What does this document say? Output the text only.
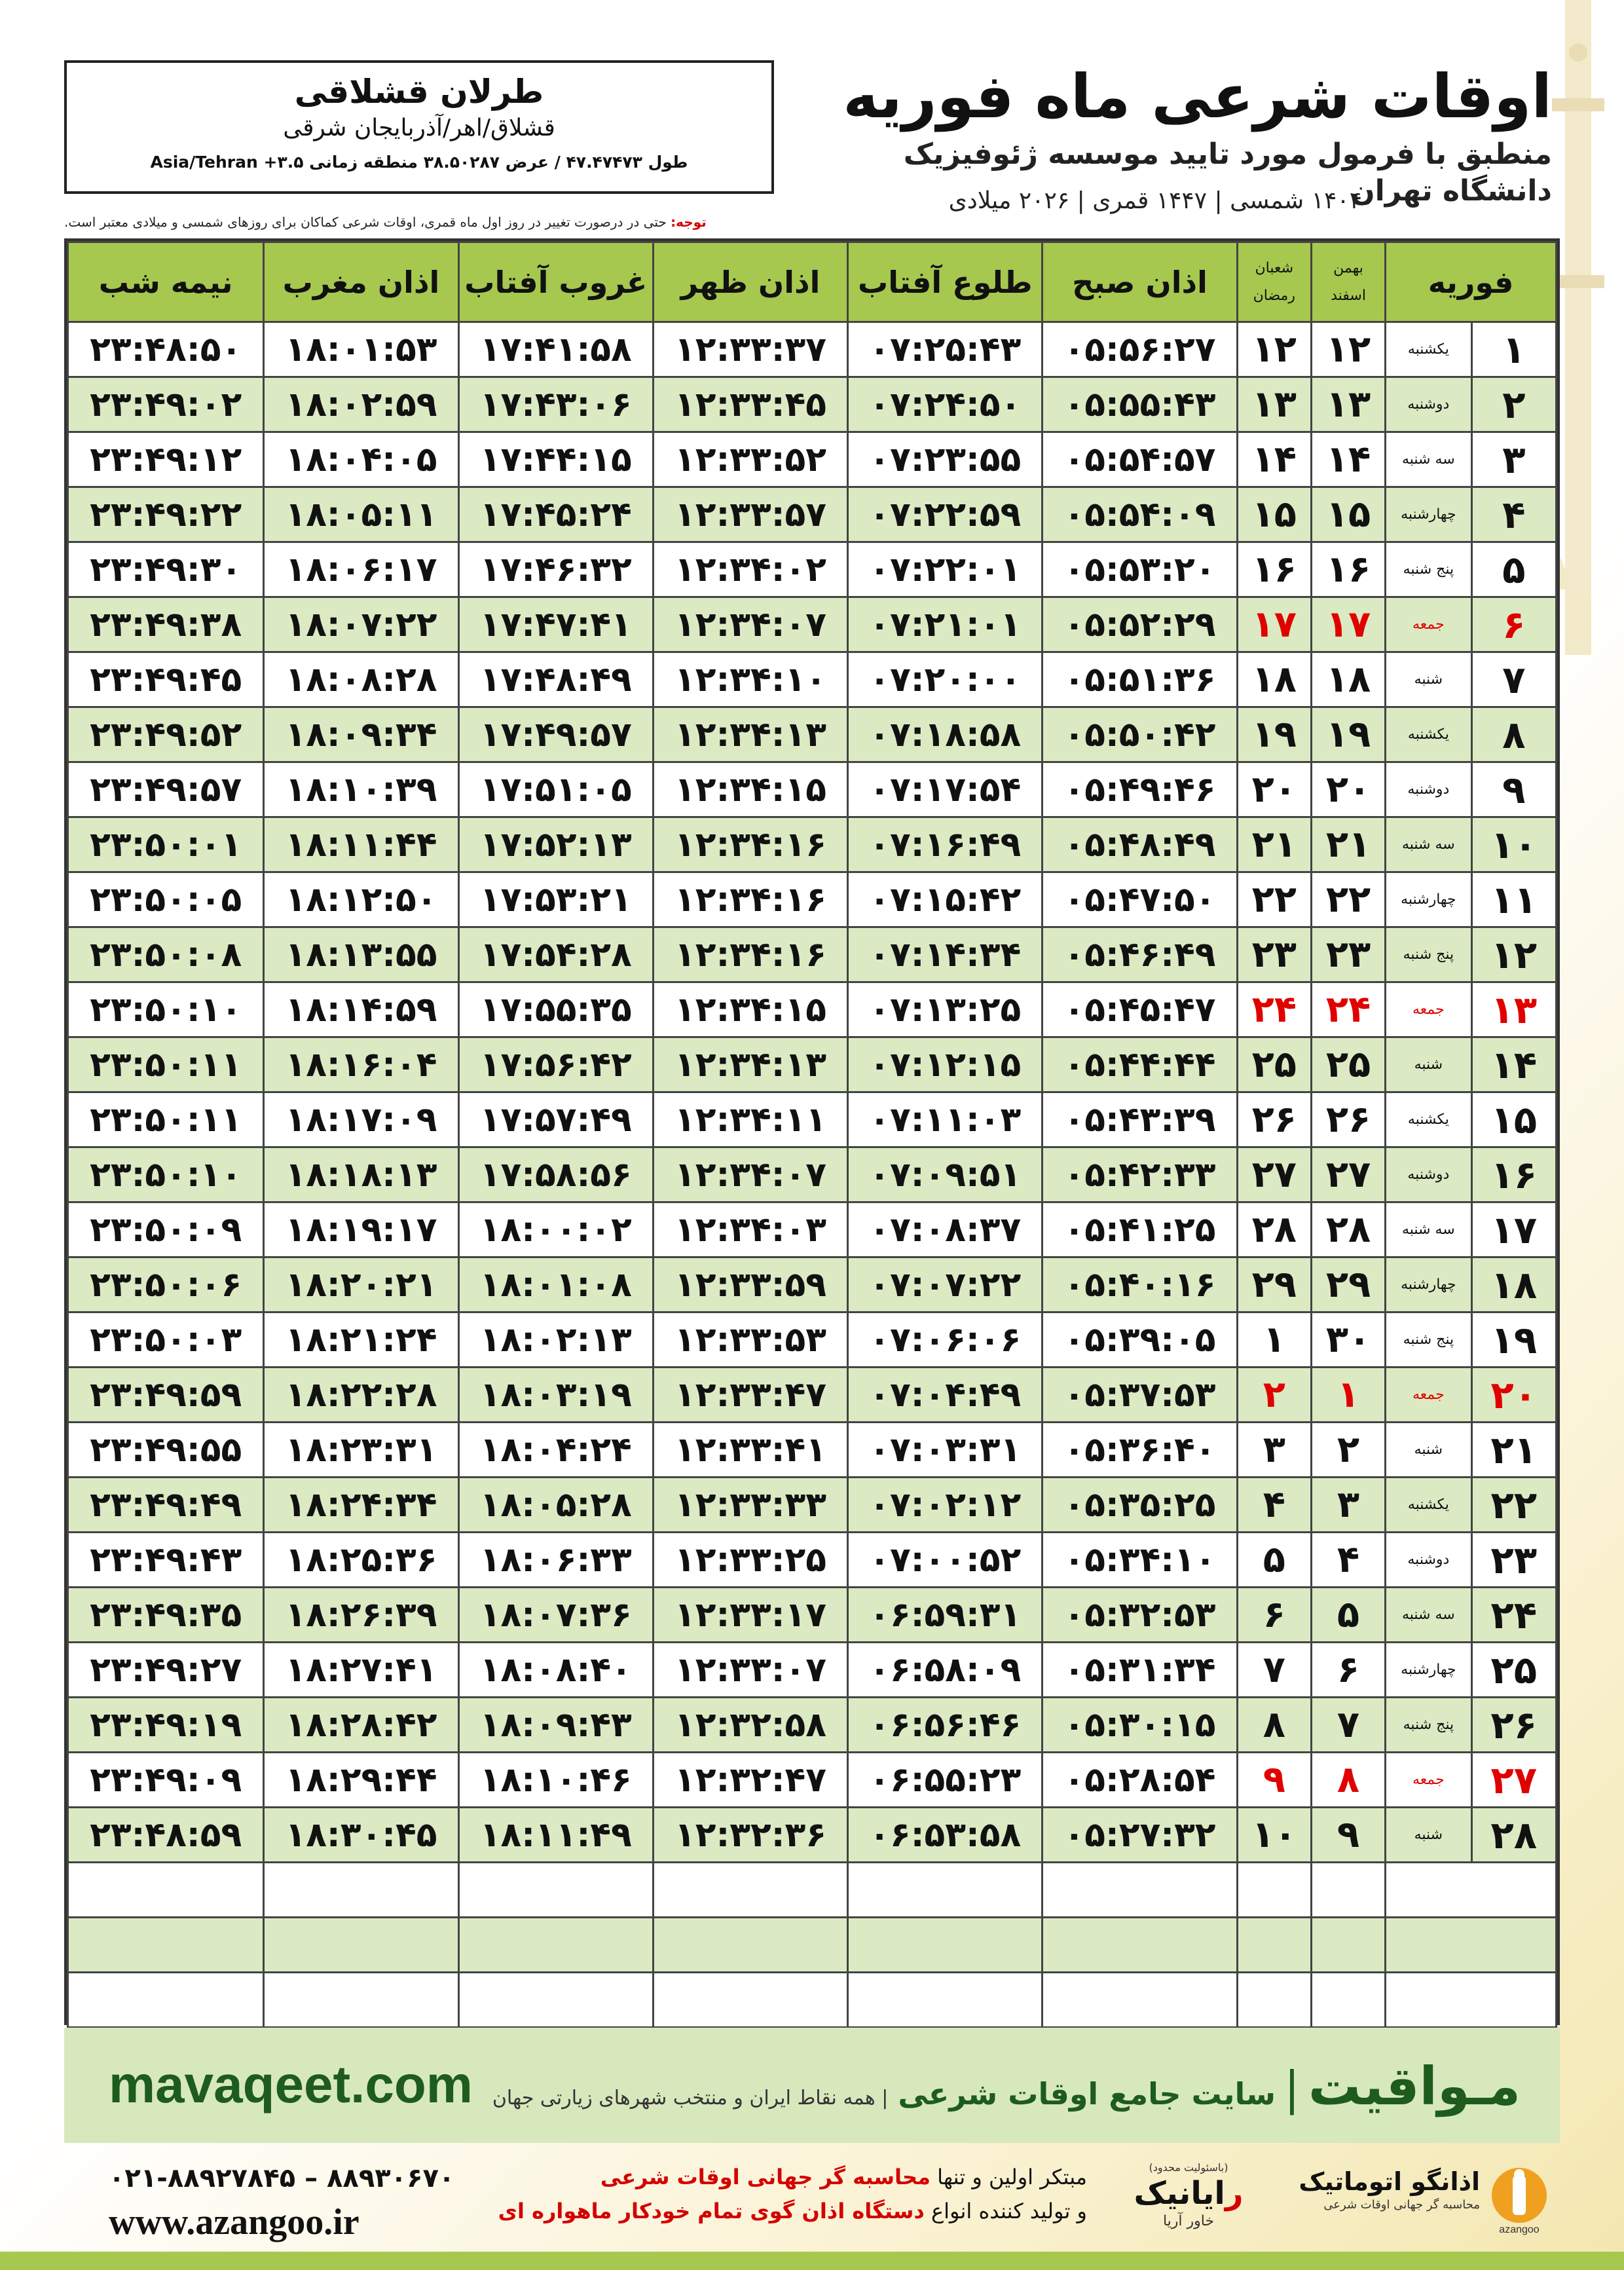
طرلان قشلاقی
قشلاق/اهر/آذربایجان شرقی
طول ۴۷.۴۷۴۷۳ / عرض ۳۸.۵۰۲۸۷ منطقه زمانی ۳.۵+ Asia/Tehran
اوقات شرعی ماه فوریه
منطبق با فرمول مورد تایید موسسه ژئوفیزیک دانشگاه تهران
۱۴۰۴ شمسی | ۱۴۴۷ قمری | ۲۰۲۶ میلادی
توجه: حتی در درصورت تغییر در روز اول ماه قمری، اوقات شرعی کماکان برای روزهای شمسی و میلادی معتبر است.
فوریه		بهمن
اسفند	شعبان
رمضان	اذان صبح	طلوع آفتاب	اذان ظهر	غروب آفتاب	اذان مغرب	نیمه شب
۱	یکشنبه	۱۲	۱۲	۰۵:۵۶:۲۷	۰۷:۲۵:۴۳	۱۲:۳۳:۳۷	۱۷:۴۱:۵۸	۱۸:۰۱:۵۳	۲۳:۴۸:۵۰
۲	دوشنبه	۱۳	۱۳	۰۵:۵۵:۴۳	۰۷:۲۴:۵۰	۱۲:۳۳:۴۵	۱۷:۴۳:۰۶	۱۸:۰۲:۵۹	۲۳:۴۹:۰۲
۳	سه شنبه	۱۴	۱۴	۰۵:۵۴:۵۷	۰۷:۲۳:۵۵	۱۲:۳۳:۵۲	۱۷:۴۴:۱۵	۱۸:۰۴:۰۵	۲۳:۴۹:۱۲
۴	چهارشنبه	۱۵	۱۵	۰۵:۵۴:۰۹	۰۷:۲۲:۵۹	۱۲:۳۳:۵۷	۱۷:۴۵:۲۴	۱۸:۰۵:۱۱	۲۳:۴۹:۲۲
۵	پنج شنبه	۱۶	۱۶	۰۵:۵۳:۲۰	۰۷:۲۲:۰۱	۱۲:۳۴:۰۲	۱۷:۴۶:۳۲	۱۸:۰۶:۱۷	۲۳:۴۹:۳۰
۶	جمعه	۱۷	۱۷	۰۵:۵۲:۲۹	۰۷:۲۱:۰۱	۱۲:۳۴:۰۷	۱۷:۴۷:۴۱	۱۸:۰۷:۲۲	۲۳:۴۹:۳۸
۷	شنبه	۱۸	۱۸	۰۵:۵۱:۳۶	۰۷:۲۰:۰۰	۱۲:۳۴:۱۰	۱۷:۴۸:۴۹	۱۸:۰۸:۲۸	۲۳:۴۹:۴۵
۸	یکشنبه	۱۹	۱۹	۰۵:۵۰:۴۲	۰۷:۱۸:۵۸	۱۲:۳۴:۱۳	۱۷:۴۹:۵۷	۱۸:۰۹:۳۴	۲۳:۴۹:۵۲
۹	دوشنبه	۲۰	۲۰	۰۵:۴۹:۴۶	۰۷:۱۷:۵۴	۱۲:۳۴:۱۵	۱۷:۵۱:۰۵	۱۸:۱۰:۳۹	۲۳:۴۹:۵۷
۱۰	سه شنبه	۲۱	۲۱	۰۵:۴۸:۴۹	۰۷:۱۶:۴۹	۱۲:۳۴:۱۶	۱۷:۵۲:۱۳	۱۸:۱۱:۴۴	۲۳:۵۰:۰۱
۱۱	چهارشنبه	۲۲	۲۲	۰۵:۴۷:۵۰	۰۷:۱۵:۴۲	۱۲:۳۴:۱۶	۱۷:۵۳:۲۱	۱۸:۱۲:۵۰	۲۳:۵۰:۰۵
۱۲	پنج شنبه	۲۳	۲۳	۰۵:۴۶:۴۹	۰۷:۱۴:۳۴	۱۲:۳۴:۱۶	۱۷:۵۴:۲۸	۱۸:۱۳:۵۵	۲۳:۵۰:۰۸
۱۳	جمعه	۲۴	۲۴	۰۵:۴۵:۴۷	۰۷:۱۳:۲۵	۱۲:۳۴:۱۵	۱۷:۵۵:۳۵	۱۸:۱۴:۵۹	۲۳:۵۰:۱۰
۱۴	شنبه	۲۵	۲۵	۰۵:۴۴:۴۴	۰۷:۱۲:۱۵	۱۲:۳۴:۱۳	۱۷:۵۶:۴۲	۱۸:۱۶:۰۴	۲۳:۵۰:۱۱
۱۵	یکشنبه	۲۶	۲۶	۰۵:۴۳:۳۹	۰۷:۱۱:۰۳	۱۲:۳۴:۱۱	۱۷:۵۷:۴۹	۱۸:۱۷:۰۹	۲۳:۵۰:۱۱
۱۶	دوشنبه	۲۷	۲۷	۰۵:۴۲:۳۳	۰۷:۰۹:۵۱	۱۲:۳۴:۰۷	۱۷:۵۸:۵۶	۱۸:۱۸:۱۳	۲۳:۵۰:۱۰
۱۷	سه شنبه	۲۸	۲۸	۰۵:۴۱:۲۵	۰۷:۰۸:۳۷	۱۲:۳۴:۰۳	۱۸:۰۰:۰۲	۱۸:۱۹:۱۷	۲۳:۵۰:۰۹
۱۸	چهارشنبه	۲۹	۲۹	۰۵:۴۰:۱۶	۰۷:۰۷:۲۲	۱۲:۳۳:۵۹	۱۸:۰۱:۰۸	۱۸:۲۰:۲۱	۲۳:۵۰:۰۶
۱۹	پنج شنبه	۳۰	۱	۰۵:۳۹:۰۵	۰۷:۰۶:۰۶	۱۲:۳۳:۵۳	۱۸:۰۲:۱۳	۱۸:۲۱:۲۴	۲۳:۵۰:۰۳
۲۰	جمعه	۱	۲	۰۵:۳۷:۵۳	۰۷:۰۴:۴۹	۱۲:۳۳:۴۷	۱۸:۰۳:۱۹	۱۸:۲۲:۲۸	۲۳:۴۹:۵۹
۲۱	شنبه	۲	۳	۰۵:۳۶:۴۰	۰۷:۰۳:۳۱	۱۲:۳۳:۴۱	۱۸:۰۴:۲۴	۱۸:۲۳:۳۱	۲۳:۴۹:۵۵
۲۲	یکشنبه	۳	۴	۰۵:۳۵:۲۵	۰۷:۰۲:۱۲	۱۲:۳۳:۳۳	۱۸:۰۵:۲۸	۱۸:۲۴:۳۴	۲۳:۴۹:۴۹
۲۳	دوشنبه	۴	۵	۰۵:۳۴:۱۰	۰۷:۰۰:۵۲	۱۲:۳۳:۲۵	۱۸:۰۶:۳۳	۱۸:۲۵:۳۶	۲۳:۴۹:۴۳
۲۴	سه شنبه	۵	۶	۰۵:۳۲:۵۳	۰۶:۵۹:۳۱	۱۲:۳۳:۱۷	۱۸:۰۷:۳۶	۱۸:۲۶:۳۹	۲۳:۴۹:۳۵
۲۵	چهارشنبه	۶	۷	۰۵:۳۱:۳۴	۰۶:۵۸:۰۹	۱۲:۳۳:۰۷	۱۸:۰۸:۴۰	۱۸:۲۷:۴۱	۲۳:۴۹:۲۷
۲۶	پنج شنبه	۷	۸	۰۵:۳۰:۱۵	۰۶:۵۶:۴۶	۱۲:۳۲:۵۸	۱۸:۰۹:۴۳	۱۸:۲۸:۴۲	۲۳:۴۹:۱۹
۲۷	جمعه	۸	۹	۰۵:۲۸:۵۴	۰۶:۵۵:۲۳	۱۲:۳۲:۴۷	۱۸:۱۰:۴۶	۱۸:۲۹:۴۴	۲۳:۴۹:۰۹
۲۸	شنبه	۹	۱۰	۰۵:۲۷:۳۲	۰۶:۵۳:۵۸	۱۲:۳۲:۳۶	۱۸:۱۱:۴۹	۱۸:۳۰:۴۵	۲۳:۴۸:۵۹

mavaqeet.com	مـواقیت | سایت جامع اوقات شرعی | همه نقاط ایران و منتخب شهرهای زیارتی جهان
۰۲۱-۸۸۹۲۷۸۴۵ – ۸۸۹۳۰۶۷۰
www.azangoo.ir
مبتکر اولین و تنها محاسبه گر جهانی اوقات شرعی
و تولید کننده انواع دستگاه اذان گوی تمام خودکار ماهواره ای
(باسئولیت محدود)
رایانیک
خاور آریا
azangoo
اذانگو اتوماتیک
محاسبه گر جهانی اوقات شرعی
